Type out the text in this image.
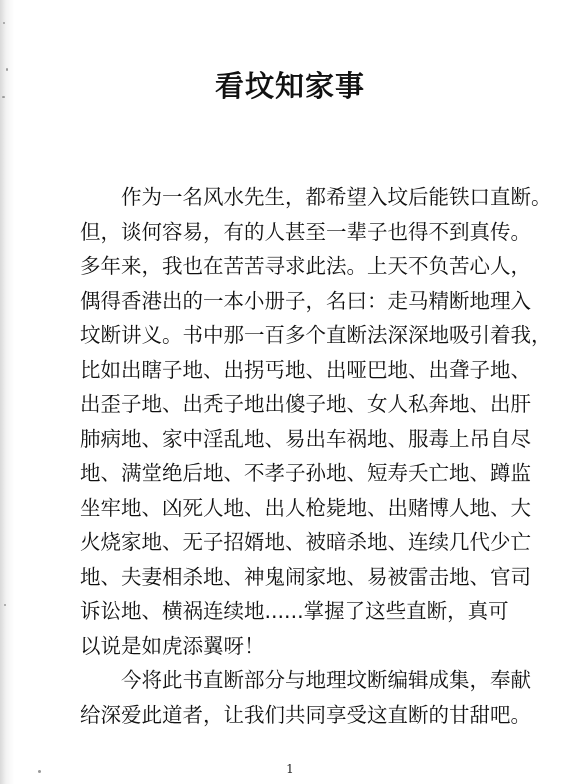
看坟知家事
作为一名风水先生，都希望入坟后能铁口直断。
但，谈何容易，有的人甚至一辈子也得不到真传。
多年来，我也在苦苦寻求此法。上天不负苦心人，
偶得香港出的一本小册子，名曰：走马精断地理入
坟断讲义。书中那一百多个直断法深深地吸引着我，
比如出瞎子地、出拐丐地、出哑巴地、出聋子地、
出歪子地、出秃子地出傻子地、女人私奔地、出肝
肺病地、家中淫乱地、易出车祸地、服毒上吊自尽
地、满堂绝后地、不孝子孙地、短寿夭亡地、蹲监
坐牢地、凶死人地、出人枪毙地、出赌博人地、大
火烧家地、无子招婿地、被暗杀地、连续几代少亡
地、夫妻相杀地、神鬼闹家地、易被雷击地、官司
诉讼地、横祸连续地......掌握了这些直断，真可
以说是如虎添翼呀！
今将此书直断部分与地理坟断编辑成集，奉献
给深爱此道者，让我们共同享受这直断的甘甜吧。
1
